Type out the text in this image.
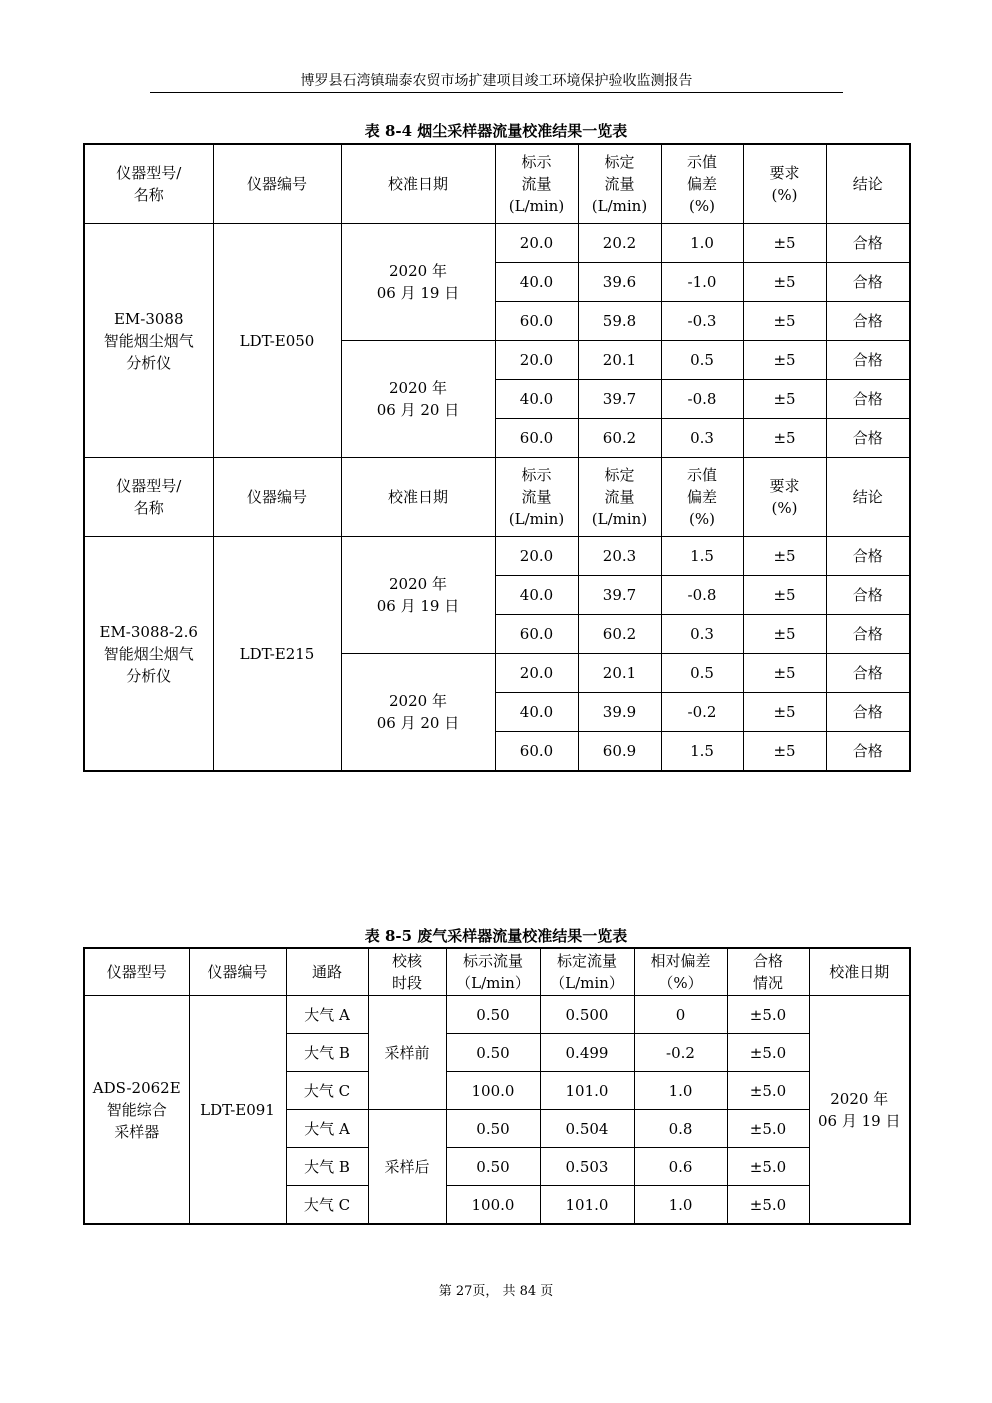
博罗县石湾镇瑞泰农贸市场扩建项目竣工环境保护验收监测报告
表 8-4 烟尘采样器流量校准结果一览表
仪器型号/
名称	仪器编号	校准日期	标示
流量
(L/min)	标定
流量
(L/min)	示值
偏差
(%)	要求
(%)	结论
EM-3088
智能烟尘烟气
分析仪	LDT-E050	2020 年
06 月 19 日	20.0	20.2	1.0	±5	合格
			40.0	39.6	-1.0	±5	合格
			60.0	59.8	-0.3	±5	合格
		2020 年
06 月 20 日	20.0	20.1	0.5	±5	合格
			40.0	39.7	-0.8	±5	合格
			60.0	60.2	0.3	±5	合格
仪器型号/
名称	仪器编号	校准日期	标示
流量
(L/min)	标定
流量
(L/min)	示值
偏差
(%)	要求
(%)	结论
EM-3088-2.6
智能烟尘烟气
分析仪	LDT-E215	2020 年
06 月 19 日	20.0	20.3	1.5	±5	合格
			40.0	39.7	-0.8	±5	合格
			60.0	60.2	0.3	±5	合格
		2020 年
06 月 20 日	20.0	20.1	0.5	±5	合格
			40.0	39.9	-0.2	±5	合格
			60.0	60.9	1.5	±5	合格
表 8-5 废气采样器流量校准结果一览表
仪器型号	仪器编号	通路	校核
时段	标示流量
（L/min）	标定流量
（L/min）	相对偏差
（%）	合格
情况	校准日期
ADS-2062E
智能综合
采样器	LDT-E091	大气 A	采样前	0.50	0.500	0	±5.0	2020 年
06 月 19 日
		大气 B		0.50	0.499	-0.2	±5.0	
		大气 C		100.0	101.0	1.0	±5.0	
		大气 A	采样后	0.50	0.504	0.8	±5.0	
		大气 B		0.50	0.503	0.6	±5.0	
		大气 C		100.0	101.0	1.0	±5.0	
第 27页， 共 84 页
